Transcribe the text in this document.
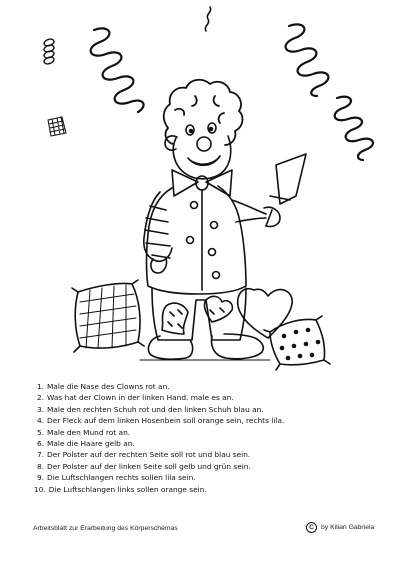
1. Male die Nase des Clowns rot an.
2. Was hat der Clown in der linken Hand. male es an.
3. Male den rechten Schuh rot und den linken Schuh blau an.
4. Der Fleck auf dem linken Hosenbein soll orange sein, rechts lila.
5. Male den Mund rot an.
6. Male die Haare gelb an.
7. Der Polster auf der rechten Seite soll rot und blau sein.
8. Der Polster auf der linken Seite soll gelb und grün sein.
9. Die Luftschlangen rechts sollen lila sein.
10. Die Luftschlangen links sollen orange sein.
Arbeitsblatt zur Erarbeitung des Körperschemas	C	by Kilian Gabriela
